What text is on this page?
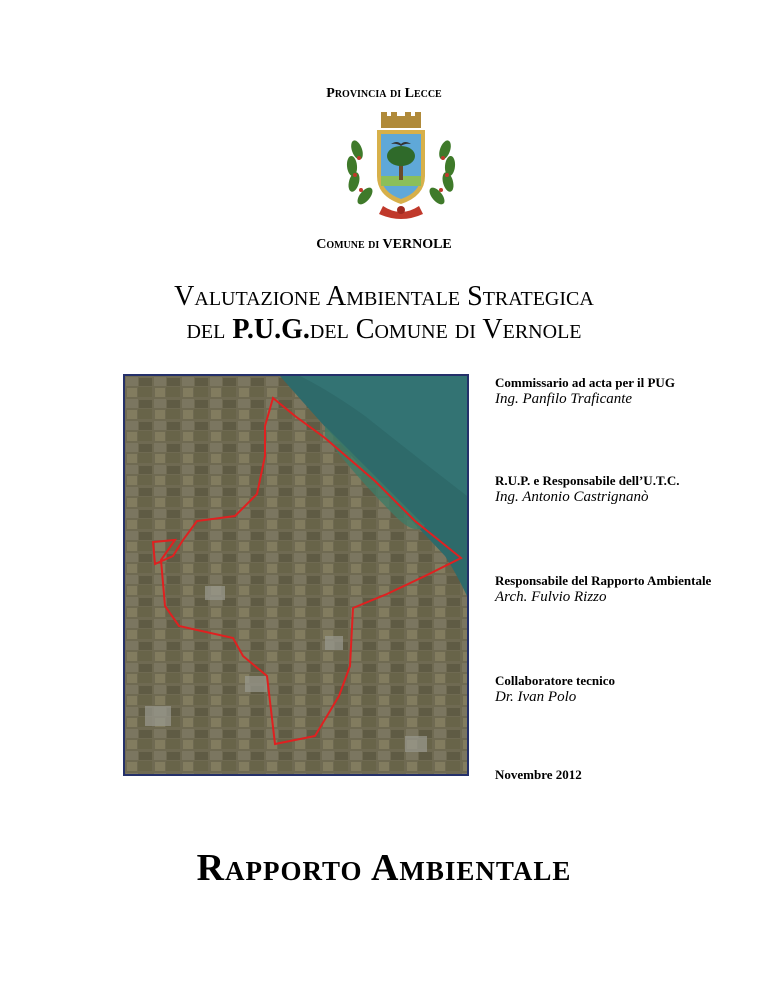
Provincia di Lecce
Comune di VERNOLE
Valutazione Ambientale Strategica
del P.U.G.del Comune di Vernole
Commissario ad acta per il PUG
Ing. Panfilo Traficante
R.U.P. e Responsabile dell’U.T.C.
Ing. Antonio Castrignanò
Responsabile del Rapporto Ambientale
Arch. Fulvio Rizzo
Collaboratore tecnico
Dr. Ivan Polo
Novembre 2012
Rapporto Ambientale
